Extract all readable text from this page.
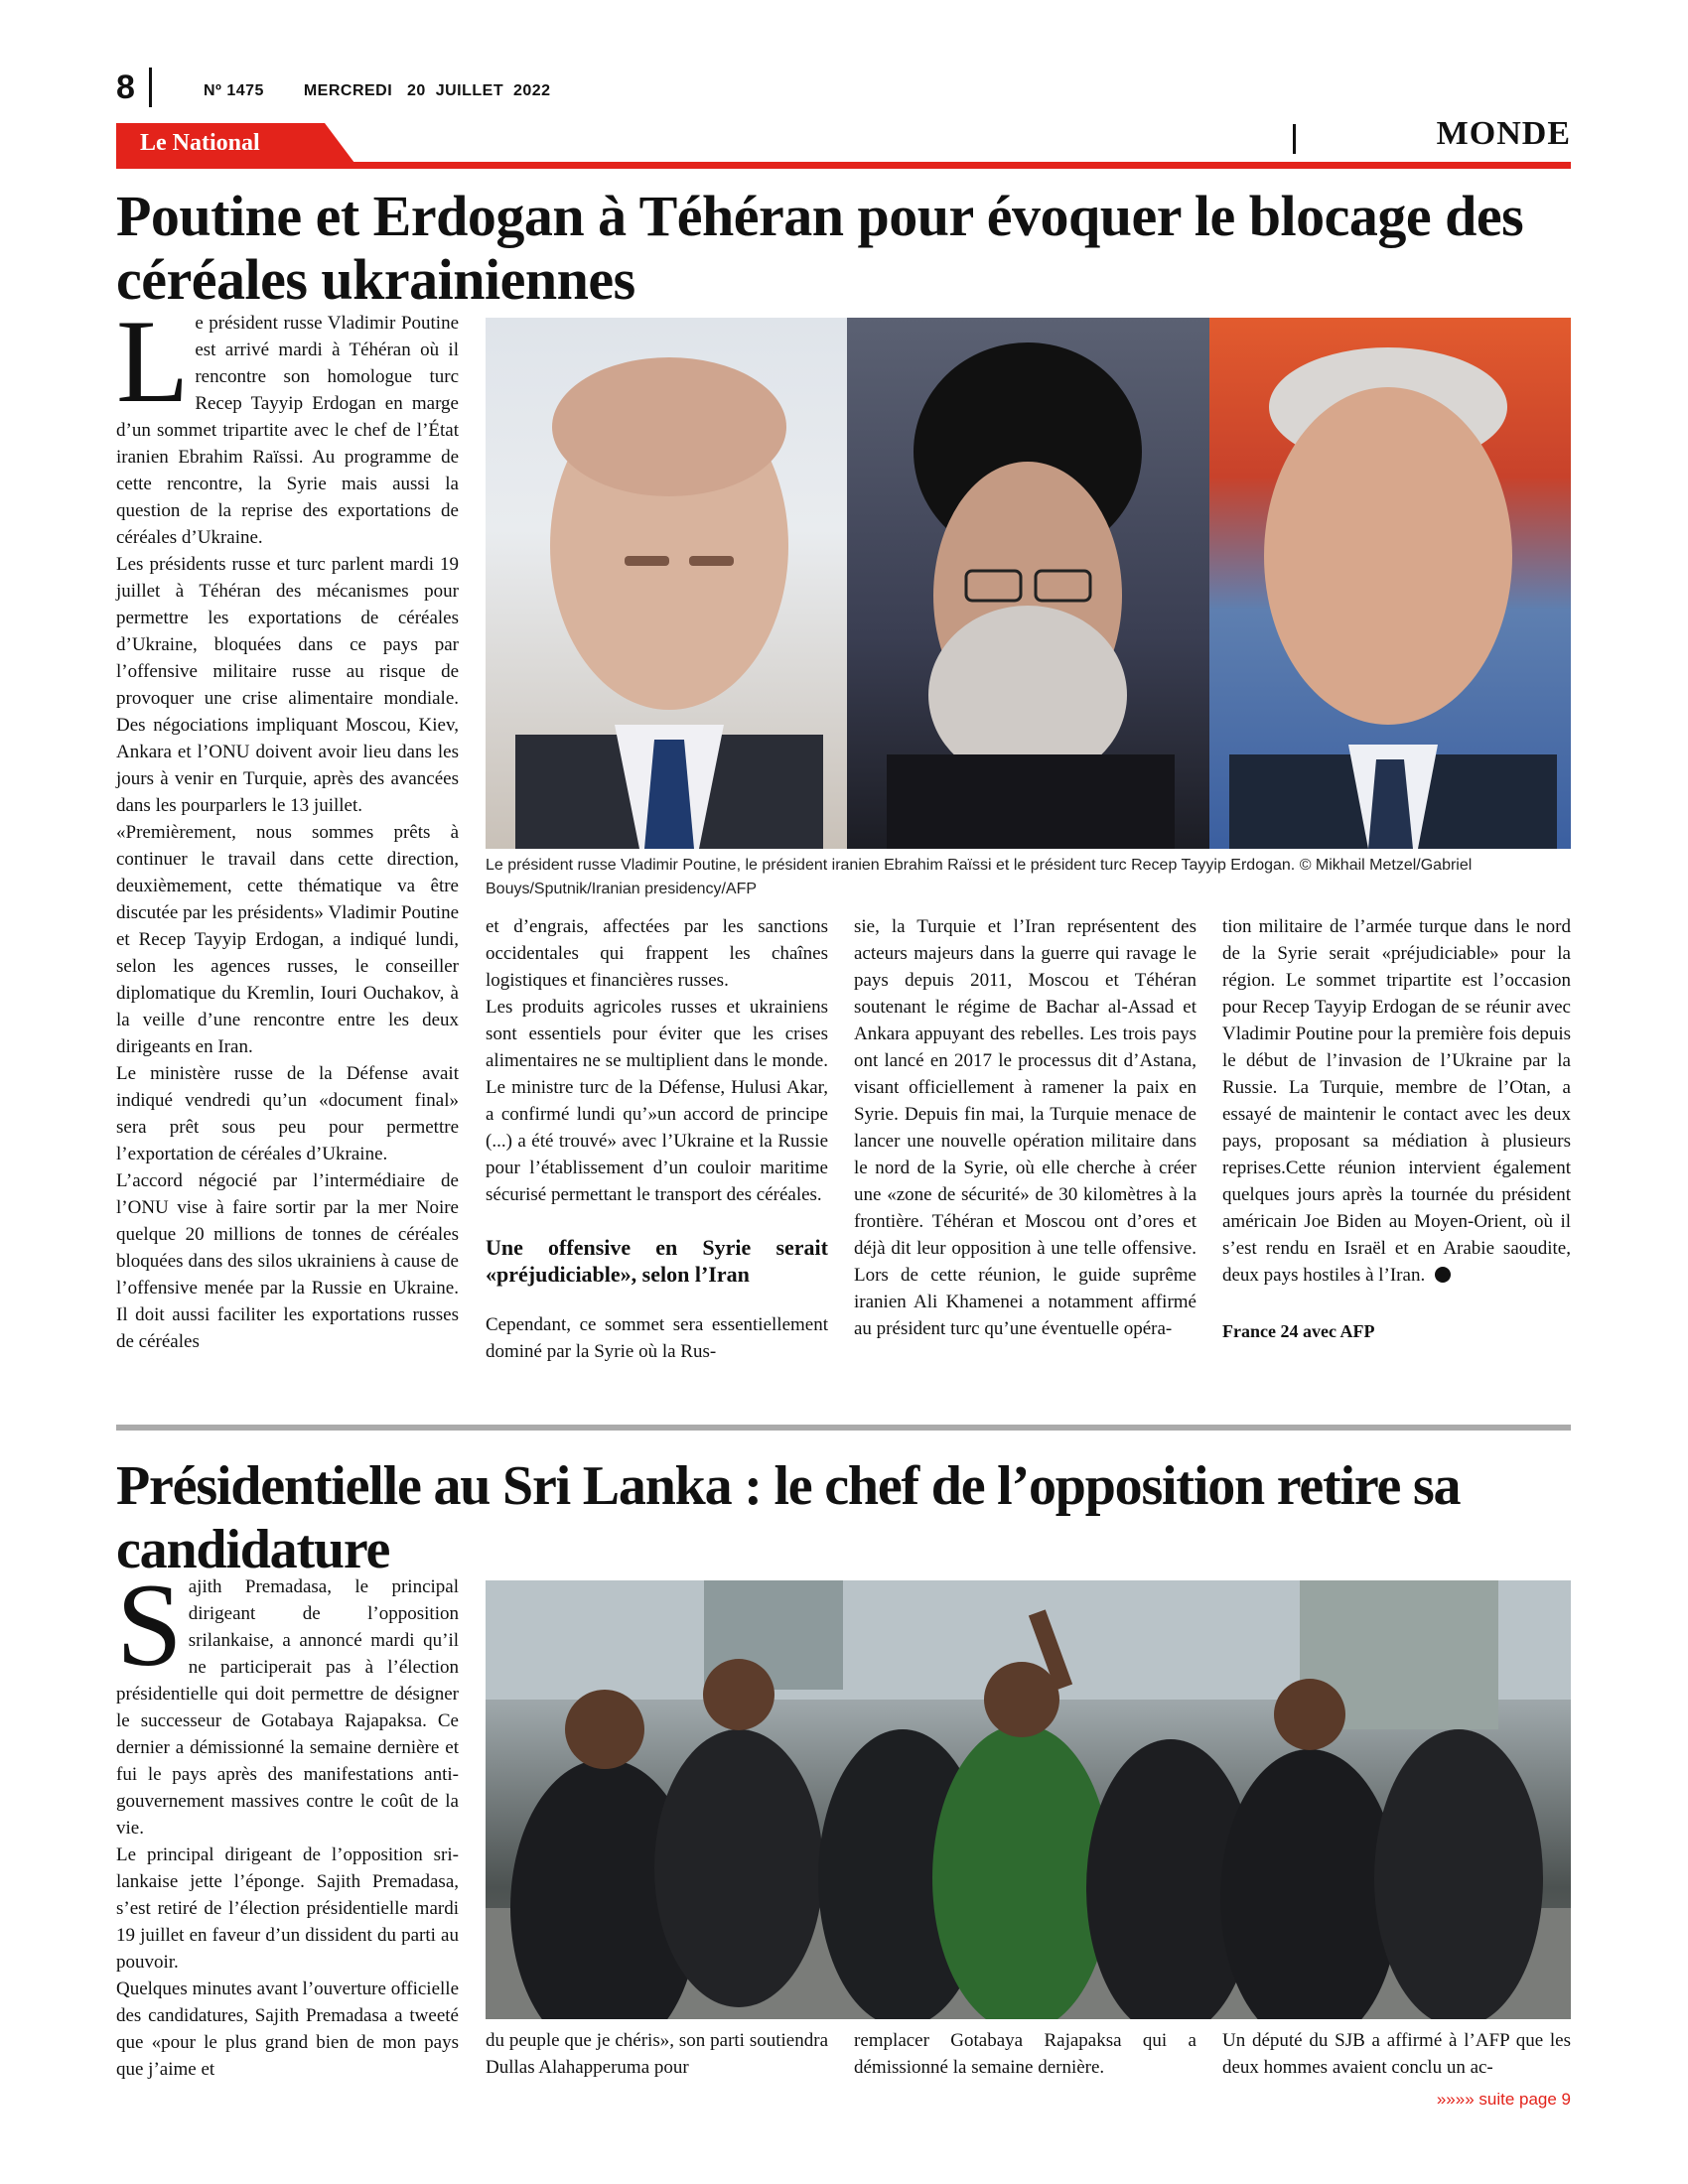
8	Nº 1475 MERCREDI   20  JUILLET  2022
Le National	MONDE
Poutine et Erdogan à Téhéran pour évoquer le blocage des céréales ukrainiennes

Le président russe Vladimir Poutine est arrivé mardi à Téhéran où il rencontre son homologue turc Recep Tayyip Erdogan en marge d’un sommet tripartite avec le chef de l’État iranien Ebrahim Raïssi. Au programme de cette rencontre, la Syrie mais aussi la question de la reprise des exportations de céréales d’Ukraine.

Les présidents russe et turc parlent mardi 19 juillet à Téhéran des mécanismes pour permettre les exportations de céréales d’Ukraine, bloquées dans ce pays par l’offensive militaire russe au risque de provoquer une crise alimentaire mondiale. Des négociations impliquant Moscou, Kiev, Ankara et l’ONU doivent avoir lieu dans les jours à venir en Turquie, après des avancées dans les pourparlers le 13 juillet.

«Premièrement, nous sommes prêts à continuer le travail dans cette direction, deuxièmement, cette thématique va être discutée par les présidents» Vladimir Poutine et Recep Tayyip Erdogan, a indiqué lundi, selon les agences russes, le conseiller diplomatique du Kremlin, Iouri Ouchakov, à la veille d’une rencontre entre les deux dirigeants en Iran.

Le ministère russe de la Défense avait indiqué vendredi qu’un «document final» sera prêt sous peu pour permettre l’exportation de céréales d’Ukraine.

L’accord négocié par l’intermédiaire de l’ONU vise à faire sortir par la mer Noire quelque 20 millions de tonnes de céréales bloquées dans des silos ukrainiens à cause de l’offensive menée par la Russie en Ukraine. Il doit aussi faciliter les exportations russes de céréales

Le président russe Vladimir Poutine, le président iranien Ebrahim Raïssi et le président turc Recep Tayyip Erdogan. © Mikhail Metzel/Gabriel Bouys/Sputnik/Iranian presidency/AFP

et d’engrais, affectées par les sanctions occidentales qui frappent les chaînes logistiques et financières russes.

Les produits agricoles russes et ukrainiens sont essentiels pour éviter que les crises alimentaires ne se multiplient dans le monde. Le ministre turc de la Défense, Hulusi Akar, a confirmé lundi qu’»un accord de principe (...) a été trouvé» avec l’Ukraine et la Russie pour l’établissement d’un couloir maritime sécurisé permettant le transport des céréales.

Une offensive en Syrie serait «préjudiciable», selon l’Iran

Cependant, ce sommet sera essentiellement dominé par la Syrie où la Rus-

sie, la Turquie et l’Iran représentent des acteurs majeurs dans la guerre qui ravage le pays depuis 2011, Moscou et Téhéran soutenant le régime de Bachar al-Assad et Ankara appuyant des rebelles. Les trois pays ont lancé en 2017 le processus dit d’Astana, visant officiellement à ramener la paix en Syrie. Depuis fin mai, la Turquie menace de lancer une nouvelle opération militaire dans le nord de la Syrie, où elle cherche à créer une «zone de sécurité» de 30 kilomètres à la frontière. Téhéran et Moscou ont d’ores et déjà dit leur opposition à une telle offensive. Lors de cette réunion, le guide suprême iranien Ali Khamenei a notamment affirmé au président turc qu’une éventuelle opéra-

tion militaire de l’armée turque dans le nord de la Syrie serait «préjudiciable» pour la région. Le sommet tripartite est l’occasion pour Recep Tayyip Erdogan de se réunir avec Vladimir Poutine pour la première fois depuis le début de l’invasion de l’Ukraine par la Russie. La Turquie, membre de l’Otan, a essayé de maintenir le contact avec les deux pays, proposant sa médiation à plusieurs reprises.Cette réunion intervient également quelques jours après la tournée du président américain Joe Biden au Moyen-Orient, où il s’est rendu en Israël et en Arabie saoudite, deux pays hostiles à l’Iran.

France 24 avec AFP
Présidentielle au Sri Lanka : le chef de l’opposition retire sa candidature

Sajith Premadasa, le principal dirigeant de l’opposition srilankaise, a annoncé mardi qu’il ne participerait pas à l’élection présidentielle qui doit permettre de désigner le successeur de Gotabaya Rajapaksa. Ce dernier a démissionné la semaine dernière et fui le pays après des manifestations anti-gouvernement massives contre le coût de la vie.

Le principal dirigeant de l’opposition sri-lankaise jette l’éponge. Sajith Premadasa, s’est retiré de l’élection présidentielle mardi 19 juillet en faveur d’un dissident du parti au pouvoir.

Quelques minutes avant l’ouverture officielle des candidatures, Sajith Premadasa a tweeté que «pour le plus grand bien de mon pays que j’aime et

du peuple que je chéris», son parti soutiendra Dullas Alahapperuma pour

remplacer Gotabaya Rajapaksa qui a démissionné la semaine dernière.

Un député du SJB a affirmé à l’AFP que les deux hommes avaient conclu un ac-

»»»» suite page 9
